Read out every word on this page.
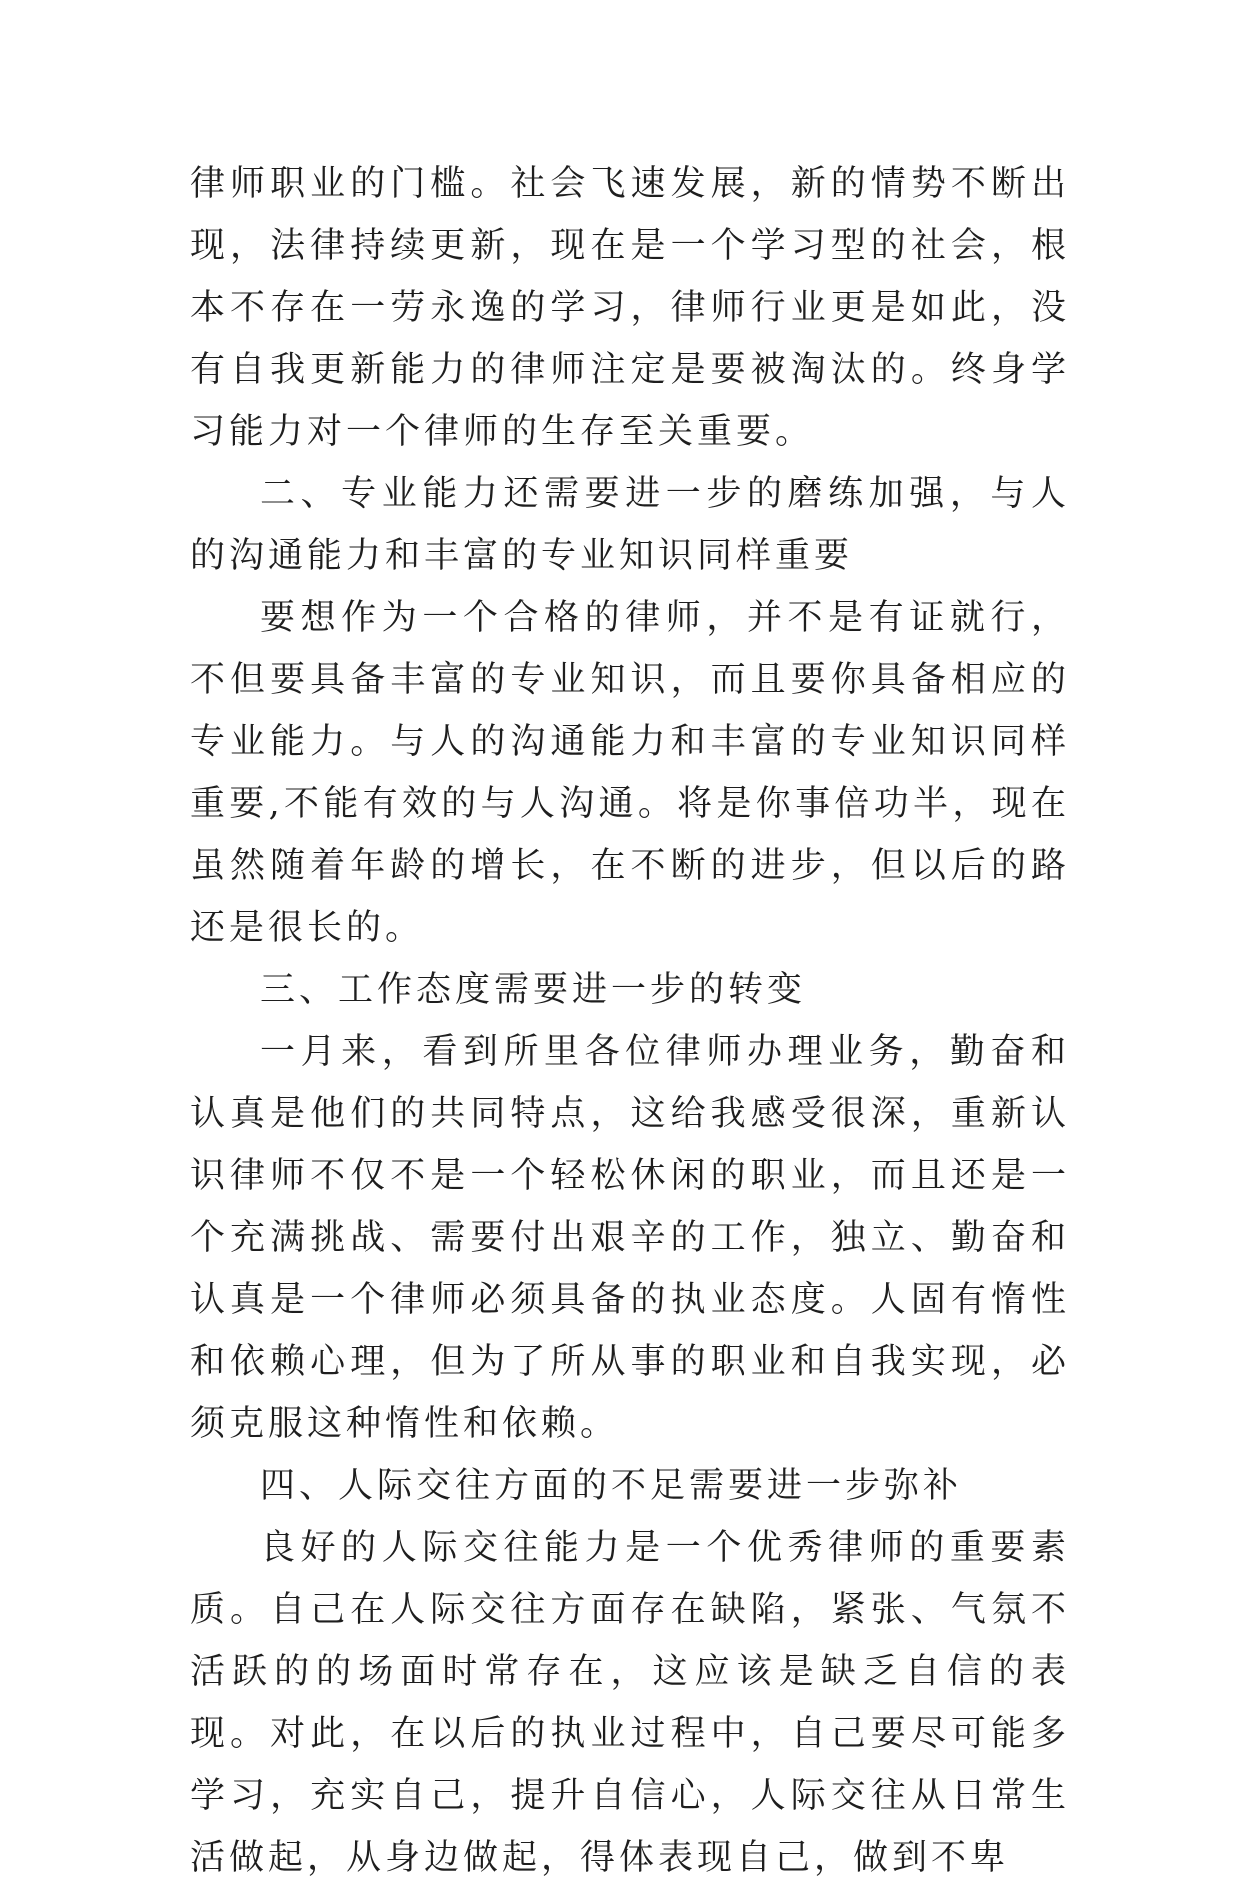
律师职业的门槛。社会飞速发展，新的情势不断出现，法律持续更新，现在是一个学习型的社会，根本不存在一劳永逸的学习，律师行业更是如此，没有自我更新能力的律师注定是要被淘汰的。终身学习能力对一个律师的生存至关重要。

二、专业能力还需要进一步的磨练加强，与人的沟通能力和丰富的专业知识同样重要

要想作为一个合格的律师，并不是有证就行，不但要具备丰富的专业知识，而且要你具备相应的专业能力。与人的沟通能力和丰富的专业知识同样重要,不能有效的与人沟通。将是你事倍功半，现在虽然随着年龄的增长，在不断的进步，但以后的路还是很长的。

三、工作态度需要进一步的转变

一月来，看到所里各位律师办理业务，勤奋和认真是他们的共同特点，这给我感受很深，重新认识律师不仅不是一个轻松休闲的职业，而且还是一个充满挑战、需要付出艰辛的工作，独立、勤奋和认真是一个律师必须具备的执业态度。人固有惰性和依赖心理，但为了所从事的职业和自我实现，必须克服这种惰性和依赖。

四、人际交往方面的不足需要进一步弥补

良好的人际交往能力是一个优秀律师的重要素质。自己在人际交往方面存在缺陷，紧张、气氛不活跃的的场面时常存在，这应该是缺乏自信的表现。对此，在以后的执业过程中，自己要尽可能多学习，充实自己，提升自信心，人际交往从日常生活做起，从身边做起，得体表现自己，做到不卑
